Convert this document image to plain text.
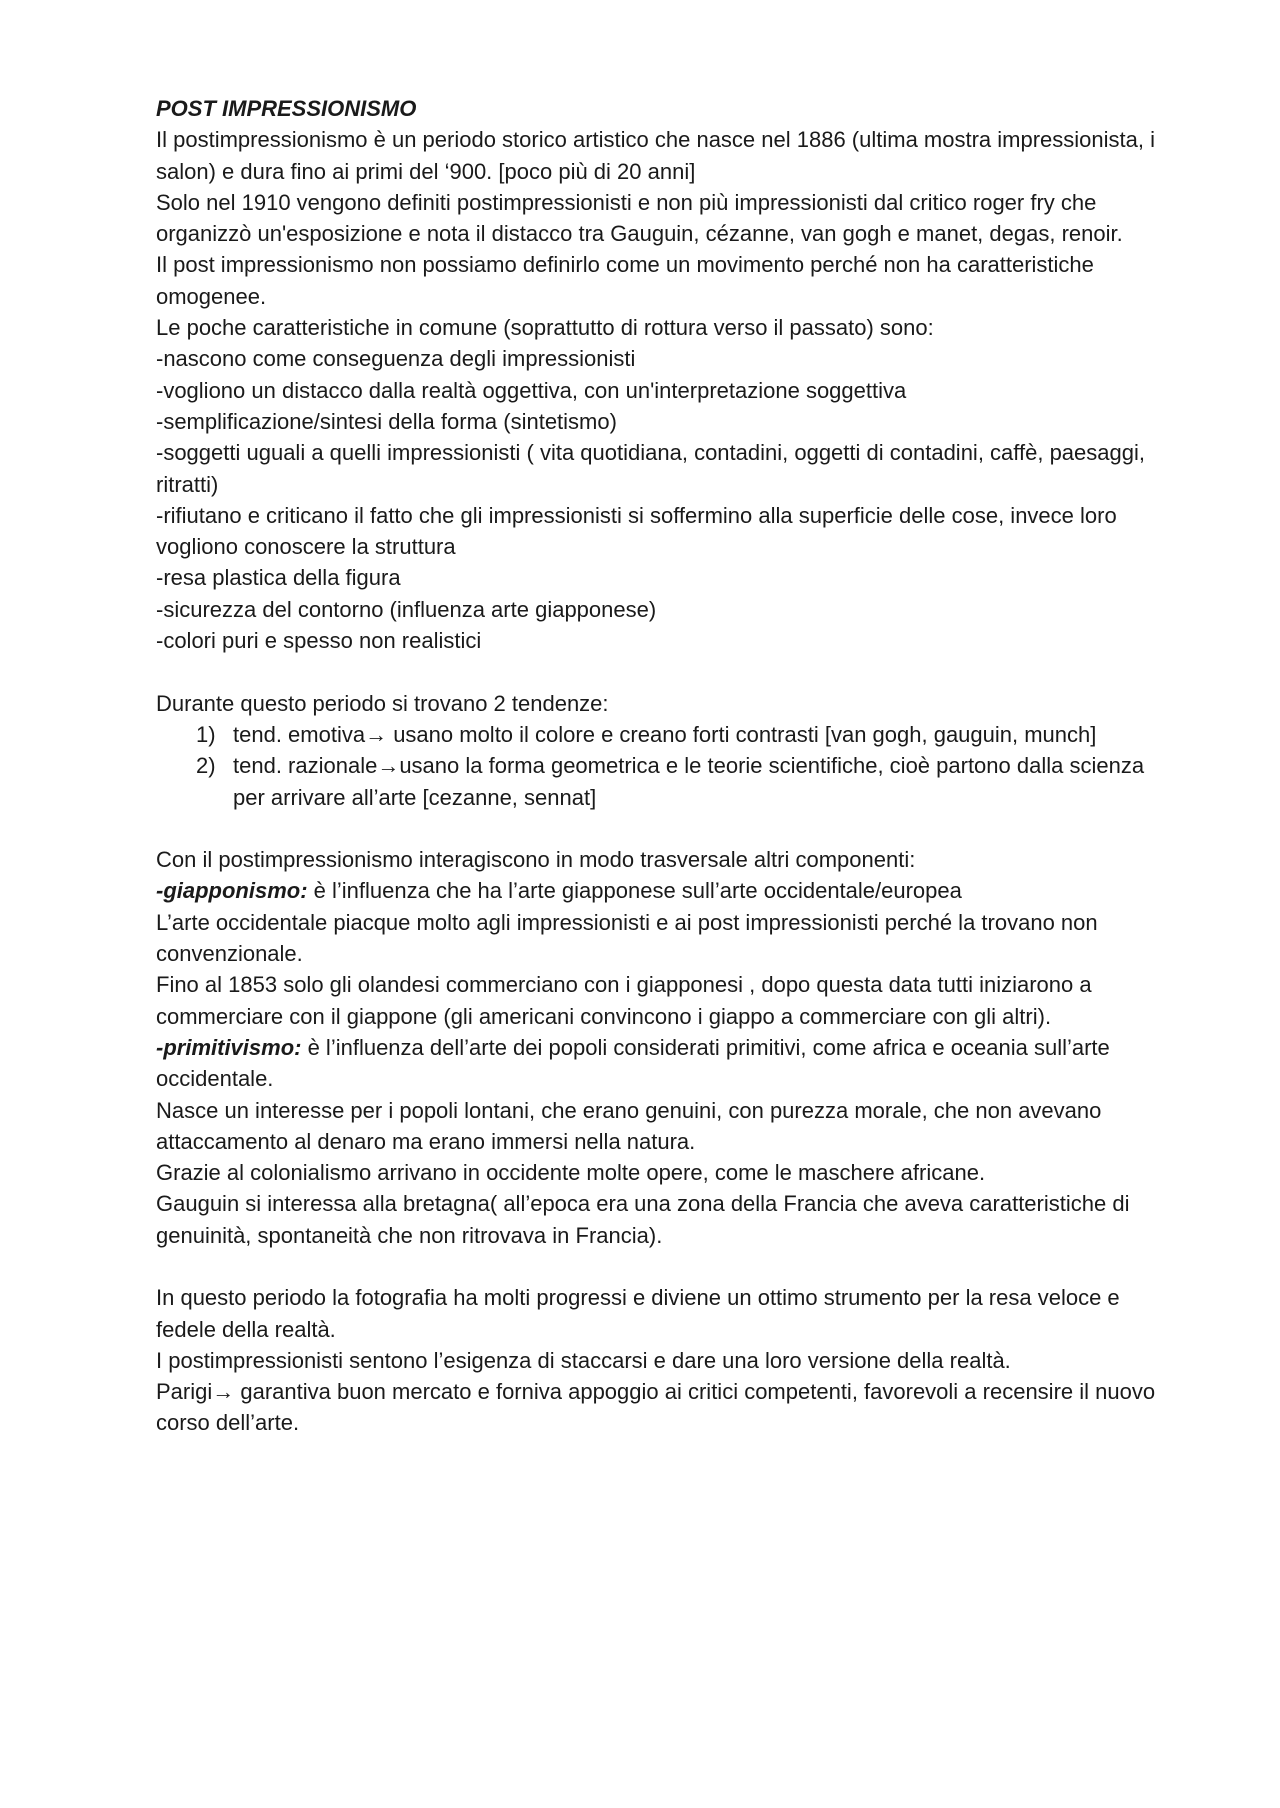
POST IMPRESSIONISMO

Il postimpressionismo è un periodo storico artistico che nasce nel 1886 (ultima mostra impressionista, i salon) e dura fino ai primi del ‘900. [poco più di 20 anni]

Solo nel 1910 vengono definiti postimpressionisti e non più impressionisti dal critico roger fry che organizzò un'esposizione e nota il distacco tra Gauguin, cézanne, van gogh e manet, degas, renoir.

Il post impressionismo non possiamo definirlo come un movimento perché non ha caratteristiche omogenee.

Le poche caratteristiche in comune (soprattutto di rottura verso il passato) sono:

-nascono come conseguenza degli impressionisti

-vogliono un distacco dalla realtà oggettiva, con un'interpretazione soggettiva

-semplificazione/sintesi della forma (sintetismo)

-soggetti uguali a quelli impressionisti ( vita quotidiana, contadini, oggetti di contadini, caffè, paesaggi, ritratti)

-rifiutano e criticano il fatto che gli impressionisti si soffermino alla superficie delle cose, invece loro vogliono conoscere la struttura

-resa plastica della figura

-sicurezza del contorno (influenza arte giapponese)

-colori puri e spesso non realistici

Durante questo periodo si trovano 2 tendenze:

1) tend. emotiva→ usano molto il colore e creano forti contrasti [van gogh, gauguin, munch]
2) tend. razionale→usano la forma geometrica e le teorie scientifiche, cioè partono dalla scienza per arrivare all’arte [cezanne, sennat]

Con il postimpressionismo interagiscono in modo trasversale altri componenti:

-giapponismo: è l’influenza che ha l’arte giapponese sull’arte occidentale/europea

L’arte occidentale piacque molto agli impressionisti e ai post impressionisti perché la trovano non convenzionale.

Fino al 1853 solo gli olandesi commerciano con i giapponesi , dopo questa data tutti iniziarono a commerciare con il giappone (gli americani convincono i giappo a commerciare con gli altri).

-primitivismo: è l’influenza dell’arte dei popoli considerati primitivi, come africa e oceania sull’arte occidentale.

Nasce un interesse per i popoli lontani, che erano genuini, con purezza morale, che non avevano attaccamento al denaro ma erano immersi nella natura.

Grazie al colonialismo arrivano in occidente molte opere, come le maschere africane.

Gauguin si interessa alla bretagna( all’epoca era una zona della Francia che aveva caratteristiche di genuinità, spontaneità che non ritrovava in Francia).

In questo periodo la fotografia ha molti progressi e diviene un ottimo strumento per la resa veloce e fedele della realtà.

I postimpressionisti sentono l’esigenza di staccarsi e dare una loro versione della realtà.

Parigi→ garantiva buon mercato e forniva appoggio ai critici competenti, favorevoli a recensire il nuovo corso dell’arte.
